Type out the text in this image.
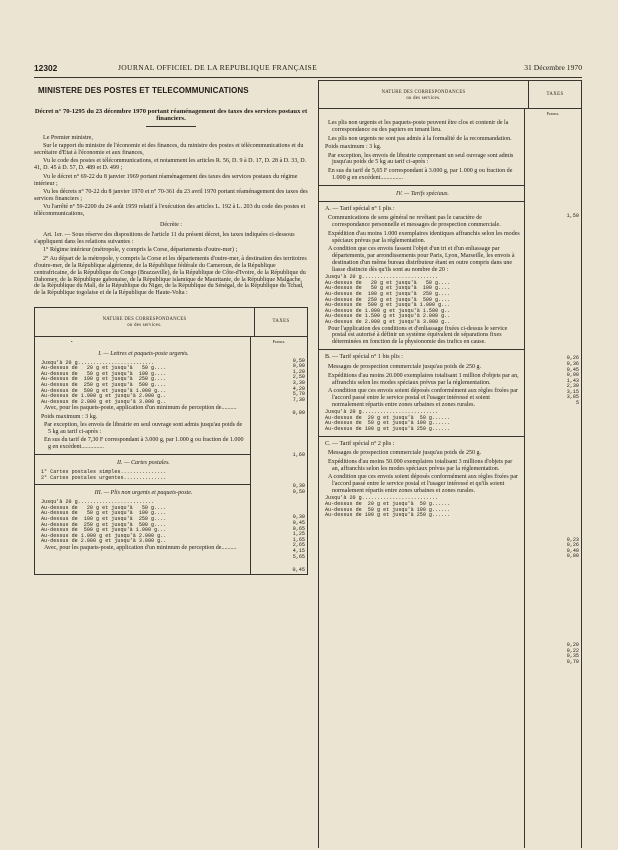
12302	JOURNAL OFFICIEL DE LA REPUBLIQUE FRANÇAISE	31 Décembre 1970
MINISTERE DES POSTES ET TELECOMMUNICATIONS
Décret n° 70-1295 du 23 décembre 1970 portant réaménagement des taxes des services postaux et financiers.

Le Premier ministre,

Sur le rapport du ministre de l'économie et des finances, du ministre des postes et télécommunications et du secrétaire d'Etat à l'économie et aux finances,

Vu le code des postes et télécommunications, et notamment les articles R. 56, D. 9 à D. 17, D. 28 à D. 33, D. 41, D. 45 à D. 57, D. 489 et D. 499 ;

Vu le décret n° 69-22 du 8 janvier 1969 portant réaménagement des taxes des services postaux du régime intérieur ;

Vu les décrets n° 70-22 du 8 janvier 1970 et n° 70-361 du 23 avril 1970 portant réaménagement des taxes des services financiers ;

Vu l'arrêté n° 59-2200 du 24 août 1959 relatif à l'exécution des articles L. 192 à L. 203 du code des postes et télécommunications,

Décrète :

Art. 1er. — Sous réserve des dispositions de l'article 11 du présent décret, les taxes indiquées ci-dessous s'appliquent dans les relations suivantes :

1° Régime intérieur (métropole, y compris la Corse, départements d'outre-mer) ;

2° Au départ de la métropole, y compris la Corse et les départements d'outre-mer, à destination des territoires d'outre-mer, de la République algérienne, de la République fédérale du Cameroun, de la République centrafricaine, de la République du Congo (Brazzaville), de la République de Côte-d'Ivoire, de la République du Dahomey, de la République gabonaise, de la République islamique de Mauritanie, de la République Malgache, de la République du Mali, de la République du Niger, de la République du Sénégal, de la République du Tchad, de la République togolaise et de la République de Haute-Volta :

NATURE DES CORRESPONDANCES
ou des services.
TAXES
•
I. — Lettres et paquets-poste urgents.
Jusqu'à 20 g.........................
Au-dessus de   20 g et jusqu'à   50 g....
Au-dessus de   50 g et jusqu'à  100 g....
Au-dessus de  100 g et jusqu'à  250 g....
Au-dessus de  250 g et jusqu'à  500 g....
Au-dessus de  500 g et jusqu'à 1.000 g...
Au-dessus de 1.000 g et jusqu'à 2.000 g..
Au-dessus de 2.000 g et jusqu'à 3.000 g..

Avec, pour les paquets-poste, application d'un minimum de perception de..........

Poids maximum : 3 kg.

Par exception, les envois de librairie en seul ouvrage sont admis jusqu'au poids de 5 kg au tarif ci-après :

En sus du tarif de 7,30 F correspondant à 3.000 g, par 1.000 g ou fraction de 1.000 g en excédent...............

II. — Cartes postales.
1° Cartes postales simples...............
2° Cartes postales urgentes..............
III. — Plis non urgents et paquets-poste.
Jusqu'à 20 g.........................
Au-dessus de   20 g et jusqu'à   50 g....
Au-dessus de   50 g et jusqu'à  100 g....
Au-dessus de  100 g et jusqu'à  250 g....
Au-dessus de  250 g et jusqu'à  500 g....
Au-dessus de  500 g et jusqu'à 1.000 g...
Au-dessus de 1.000 g et jusqu'à 2.000 g..
Au-dessus de 2.000 g et jusqu'à 3.000 g..

Avec, pour les paquets-poste, application d'un minimum de perception de..........

Francs.
0,50
0,90
1,20
2,50
3,30
4,20
5,70
7,30
0,90
1,60
0,30
0,50
0,30
0,45
0,65
1,25
1,65
2,65
4,15
5,65
0,45
NATURE DES CORRESPONDANCES
ou des services.
TAXES

Les plis non urgents et les paquets-poste peuvent être clos et contenir de la correspondance ou des papiers en tenant lieu.

Les plis non urgents ne sont pas admis à la formalité de la recommandation.

Poids maximum : 3 kg.

Par exception, les envois de librairie comprenant un seul ouvrage sont admis jusqu'au poids de 5 kg au tarif ci-après :

En sus du tarif de 5,65 F correspondant à 3.000 g, par 1.000 g ou fraction de 1.000 g en excédent...............

IV. — Tarifs spéciaux.
A. — Tarif spécial n° 1 plis :

Communications de sens général ne revêtant pas le caractère de correspondance personnelle et messages de prospection commerciale.

Expédition d'au moins 1.000 exemplaires identiques affranchis selon les modes spéciaux prévus par la réglementation.

A condition que ces envois fassent l'objet d'un tri et d'un enliassage par départements, par arrondissements pour Paris, Lyon, Marseille, les envois à destination d'un même bureau distributeur étant en outre compris dans une liasse distincte dès qu'ils sont au nombre de 20 :

Jusqu'à 20 g.........................
Au-dessus de   20 g et jusqu'à   50 g....
Au-dessus de   50 g et jusqu'à  100 g....
Au-dessus de  100 g et jusqu'à  250 g....
Au-dessus de  250 g et jusqu'à  500 g....
Au-dessus de  500 g et jusqu'à 1.000 g...
Au-dessus de 1.000 g et jusqu'à 1.500 g..
Au-dessus de 1.500 g et jusqu'à 2.000 g..
Au-dessus de 2.000 g et jusqu'à 3.000 g..

Pour l'application des conditions et d'enliassage fixées ci-dessus le service postal est autorisé à définir un système équivalent de séparations fixes déterminées en fonction de la physionomie des trafics en cause.

B. — Tarif spécial n° 1 bis plis :

Messages de prospection commerciale jusqu'au poids de 250 g.

Expéditions d'au moins 20.000 exemplaires totalisant 1 million d'objets par an, affranchis selon les modes spéciaux prévus par la réglementation.

A condition que ces envois soient déposés conformément aux règles fixées par l'accord passé entre le service postal et l'usager intéressé et soient normalement répartis entre zones urbaines et zones rurales.

Jusqu'à 20 g.........................
Au-dessus de  20 g et jusqu'à  50 g......
Au-dessus de  50 g et jusqu'à 100 g......
Au-dessus de 100 g et jusqu'à 250 g......
C. — Tarif spécial n° 2 plis :

Messages de prospection commerciale jusqu'au poids de 250 g.

Expéditions d'au moins 50.000 exemplaires totalisant 3 millions d'objets par an, affranchis selon les modes spéciaux prévus par la réglementation.

A condition que ces envois soient déposés conformément aux règles fixées par l'accord passé entre le service postal et l'usager intéressé et qu'ils soient normalement répartis entre zones urbaines et zones rurales.

Jusqu'à 20 g.........................
Au-dessus de  20 g et jusqu'à  50 g......
Au-dessus de  50 g et jusqu'à 100 g......
Au-dessus de 100 g et jusqu'à 250 g......
Francs.
1,50
0,26
0,36
0,45
0,90
1,43
2,30
3,15
3,85
5
0,23
0,26
0,40
0,80
0,20
0,22
0,35
0,70
